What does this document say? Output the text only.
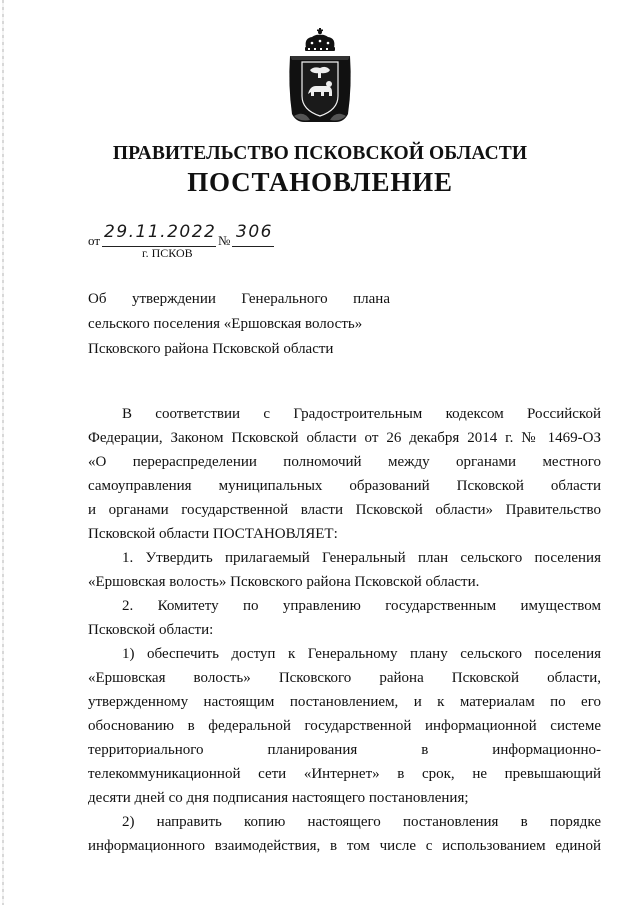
ПРАВИТЕЛЬСТВО ПСКОВСКОЙ ОБЛАСТИ
ПОСТАНОВЛЕНИЕ
от 29.11.2022 № 306
г. ПСКОВ
Об утверждении Генерального плана
сельского поселения «Ершовская волость»
Псковского района Псковской области
В соответствии с Градостроительным кодексом Российской
Федерации, Законом Псковской области от 26 декабря 2014 г. № 1469-ОЗ
«О перераспределении полномочий между органами местного
самоуправления муниципальных образований Псковской области
и органами государственной власти Псковской области» Правительство
Псковской области ПОСТАНОВЛЯЕТ:
1. Утвердить прилагаемый Генеральный план сельского поселения
«Ершовская волость» Псковского района Псковской области.
2. Комитету по управлению государственным имуществом
Псковской области:
1) обеспечить доступ к Генеральному плану сельского поселения
«Ершовская волость» Псковского района Псковской области,
утвержденному настоящим постановлением, и к материалам по его
обоснованию в федеральной государственной информационной системе
территориального планирования в информационно-
телекоммуникационной сети «Интернет» в срок, не превышающий
десяти дней со дня подписания настоящего постановления;
2) направить копию настоящего постановления в порядке
информационного взаимодействия, в том числе с использованием единой
